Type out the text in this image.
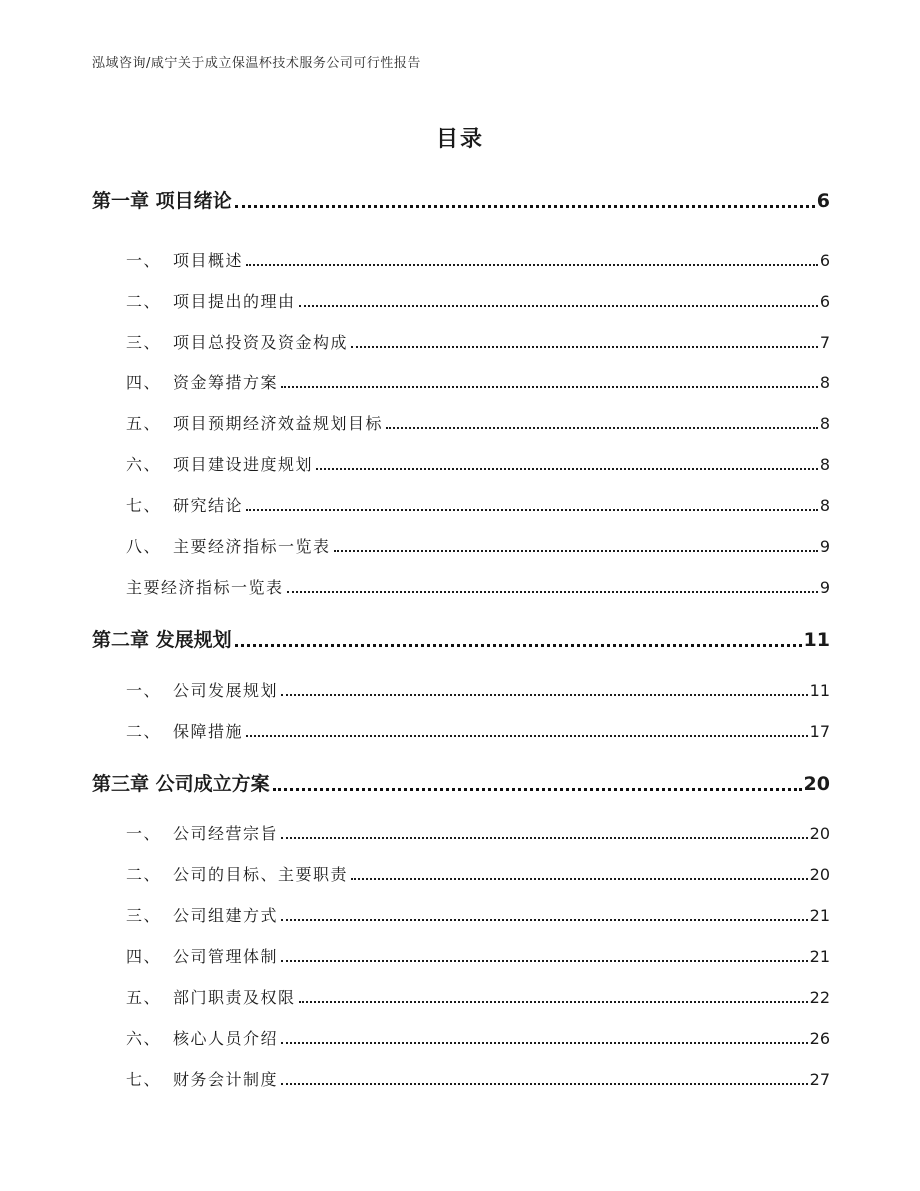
泓域咨询/咸宁关于成立保温杯技术服务公司可行性报告
目录
第一章 项目绪论	6
一、 项目概述	6
二、 项目提出的理由	6
三、 项目总投资及资金构成	7
四、 资金筹措方案	8
五、 项目预期经济效益规划目标	8
六、 项目建设进度规划	8
七、 研究结论	8
八、 主要经济指标一览表	9
主要经济指标一览表	9
第二章 发展规划	11
一、 公司发展规划	11
二、 保障措施	17
第三章 公司成立方案	20
一、 公司经营宗旨	20
二、 公司的目标、主要职责	20
三、 公司组建方式	21
四、 公司管理体制	21
五、 部门职责及权限	22
六、 核心人员介绍	26
七、 财务会计制度	27
